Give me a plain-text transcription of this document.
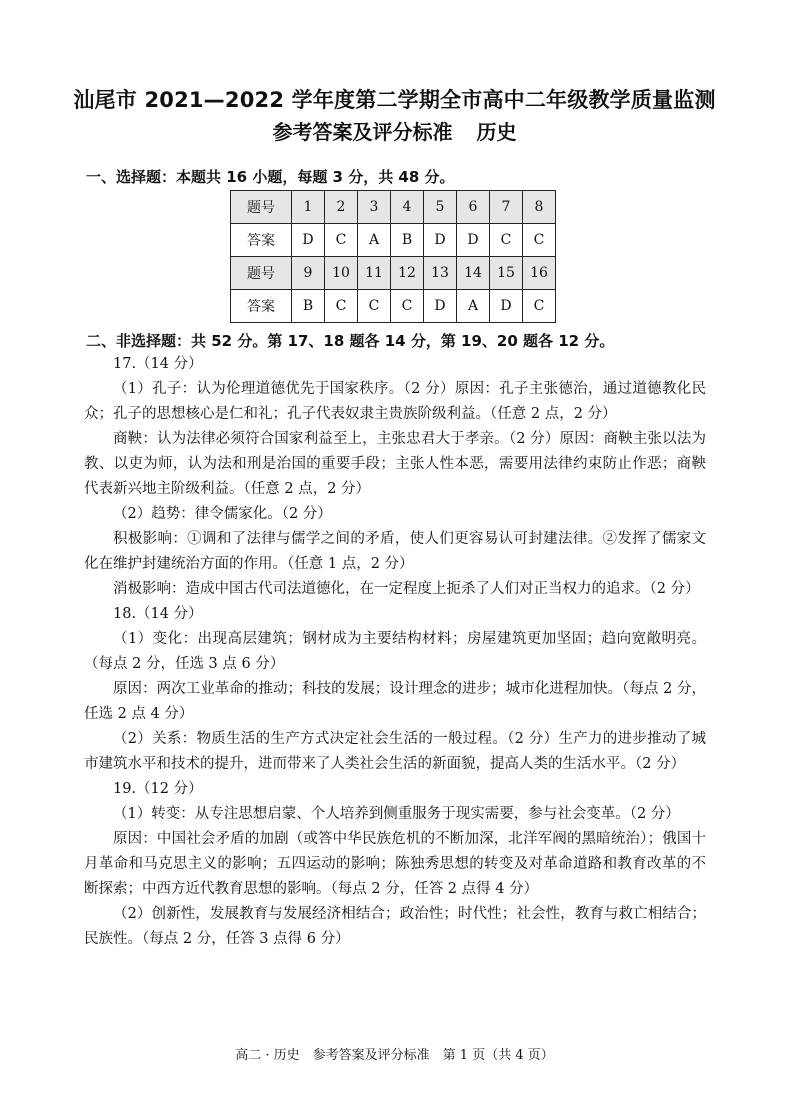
汕尾市 2021—2022 学年度第二学期全市高中二年级教学质量监测
参考答案及评分标准 历史
一、选择题：本题共 16 小题，每题 3 分，共 48 分。
题号	1	2	3	4	5	6	7	8
答案	D	C	A	B	D	D	C	C
题号	9	10	11	12	13	14	15	16
答案	B	C	C	C	D	A	D	C
二、非选择题：共 52 分。第 17、18 题各 14 分，第 19、20 题各 12 分。

17.（14 分）

（1）孔子：认为伦理道德优先于国家秩序。（2 分）原因：孔子主张德治，通过道德教化民众；孔子的思想核心是仁和礼；孔子代表奴隶主贵族阶级利益。（任意 2 点，2 分）

商鞅：认为法律必须符合国家利益至上，主张忠君大于孝亲。（2 分）原因：商鞅主张以法为教、以吏为师，认为法和刑是治国的重要手段；主张人性本恶，需要用法律约束防止作恶；商鞅代表新兴地主阶级利益。（任意 2 点，2 分）

（2）趋势：律令儒家化。（2 分）

积极影响：①调和了法律与儒学之间的矛盾，使人们更容易认可封建法律。②发挥了儒家文化在维护封建统治方面的作用。（任意 1 点，2 分）

消极影响：造成中国古代司法道德化，在一定程度上扼杀了人们对正当权力的追求。（2 分）

18.（14 分）

（1）变化：出现高层建筑；钢材成为主要结构材料；房屋建筑更加坚固；趋向宽敞明亮。（每点 2 分，任选 3 点 6 分）

原因：两次工业革命的推动；科技的发展；设计理念的进步；城市化进程加快。（每点 2 分，任选 2 点 4 分）

（2）关系：物质生活的生产方式决定社会生活的一般过程。（2 分）生产力的进步推动了城市建筑水平和技术的提升，进而带来了人类社会生活的新面貌，提高人类的生活水平。（2 分）

19.（12 分）

（1）转变：从专注思想启蒙、个人培养到侧重服务于现实需要，参与社会变革。（2 分）

原因：中国社会矛盾的加剧（或答中华民族危机的不断加深，北洋军阀的黑暗统治）；俄国十月革命和马克思主义的影响；五四运动的影响；陈独秀思想的转变及对革命道路和教育改革的不断探索；中西方近代教育思想的影响。（每点 2 分，任答 2 点得 4 分）

（2）创新性，发展教育与发展经济相结合；政治性；时代性；社会性，教育与救亡相结合；民族性。（每点 2 分，任答 3 点得 6 分）

高二 · 历史　参考答案及评分标准　第 1 页（共 4 页）
